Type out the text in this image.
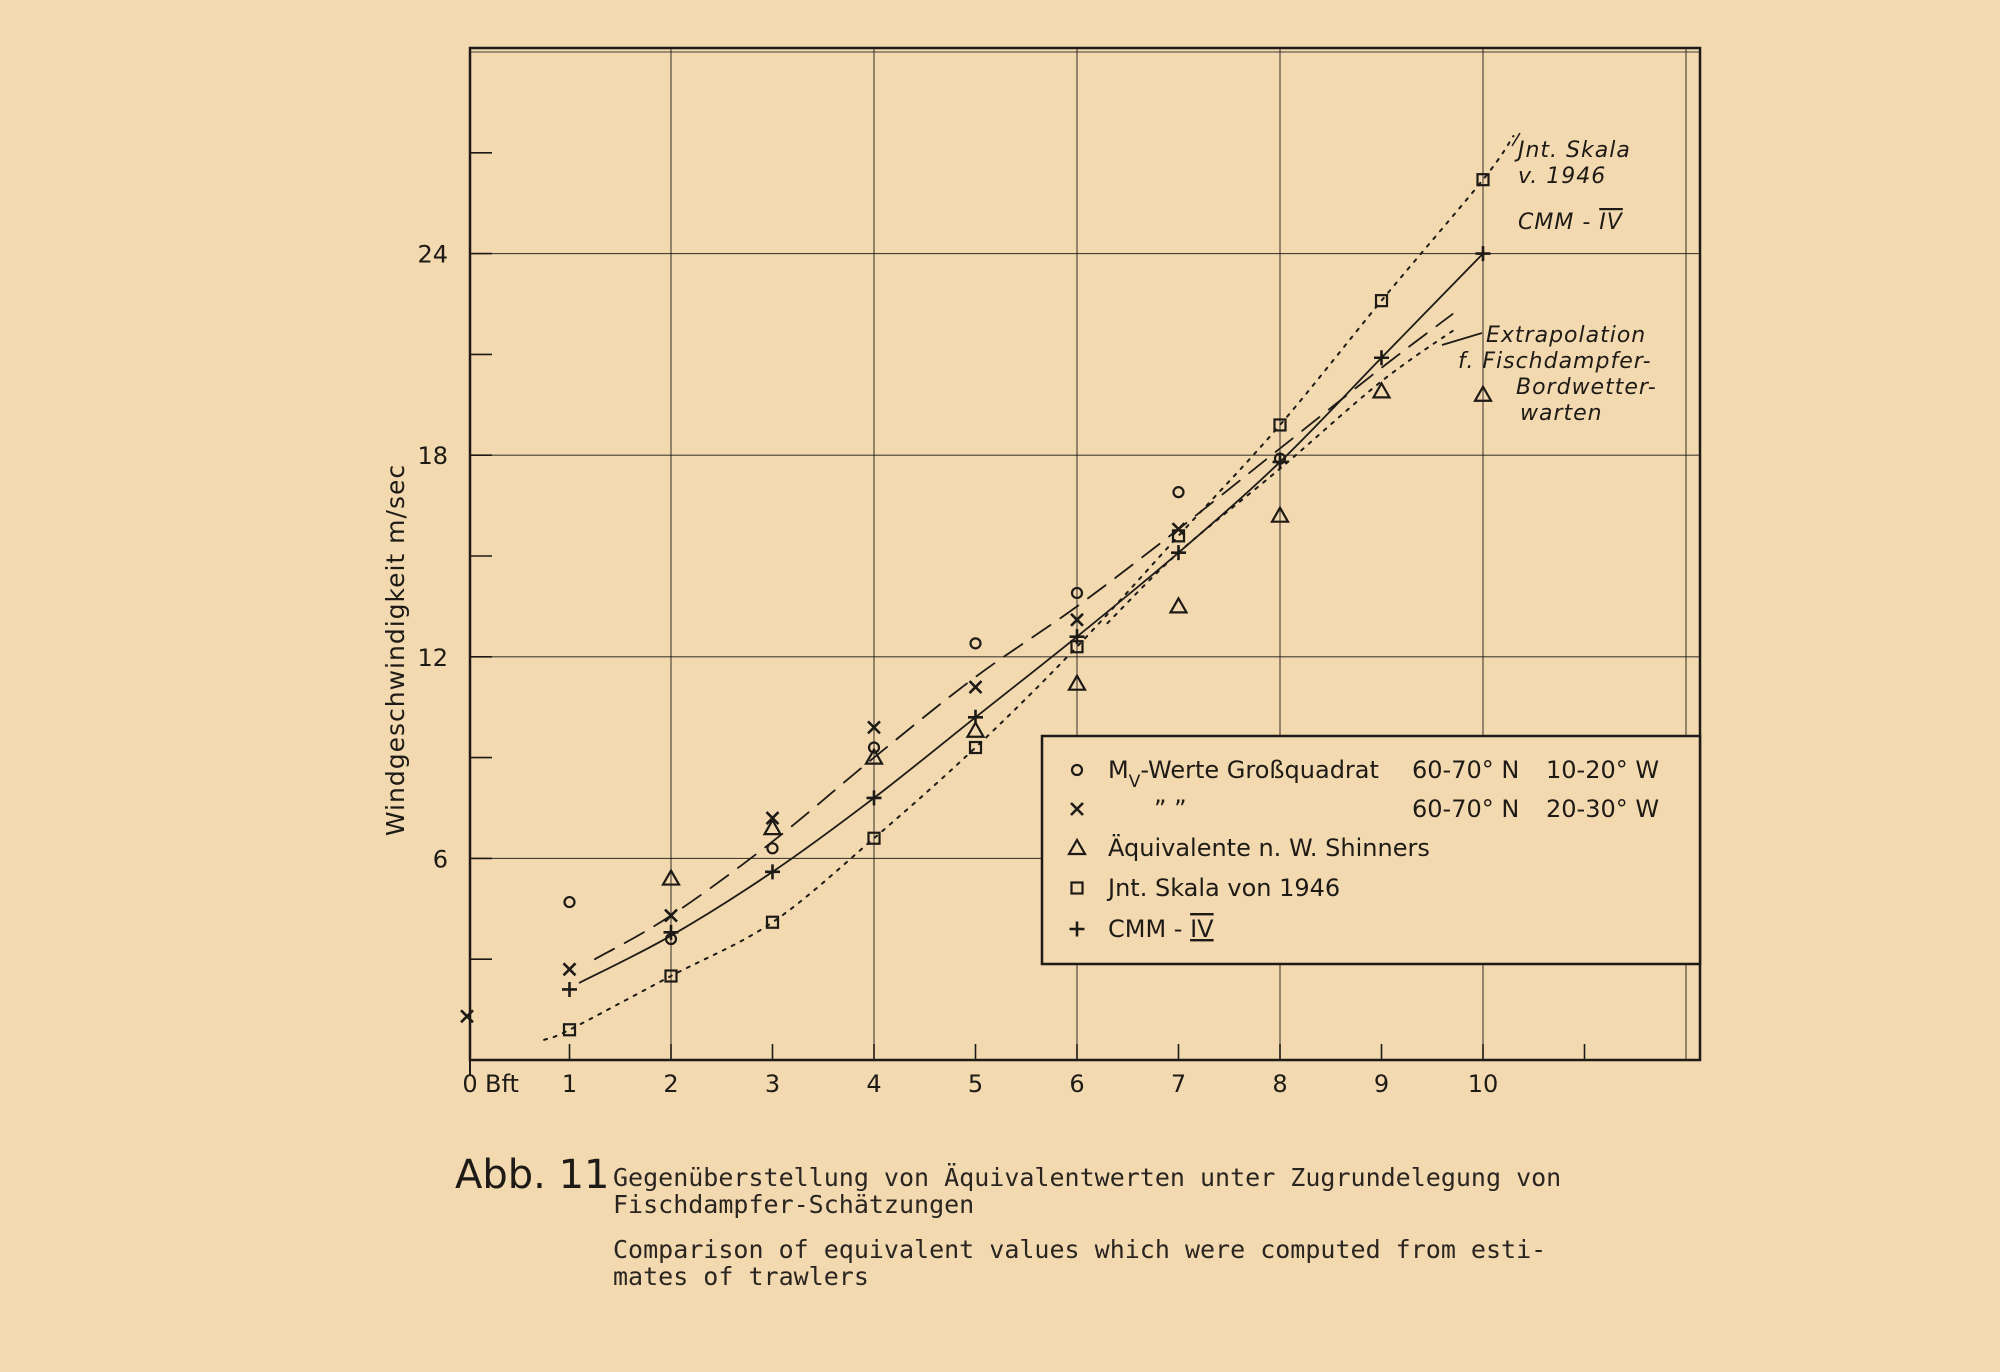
0	1	2	3	4	5	6	7	8	9	10
6
12
18
24
Bft
Windgeschwindigkeit m/sec
Jnt. Skala
v. 1946
CMM - IV
Extrapolation
f. Fischdampfer-
Bordwetter-
warten
$M_V$-Werte Großquadrat 60-70° N 10-20° W
” ”	60-70° N 20-30° W
Äquivalente n. W. Shinners
Jnt. Skala von 1946
CMM - IV
Abb. 11 Gegenüberstellung von Äquivalentwerten unter Zugrundelegung von
Fischdampfer-Schätzungen
Comparison of equivalent values which were computed from esti-
mates of trawlers
